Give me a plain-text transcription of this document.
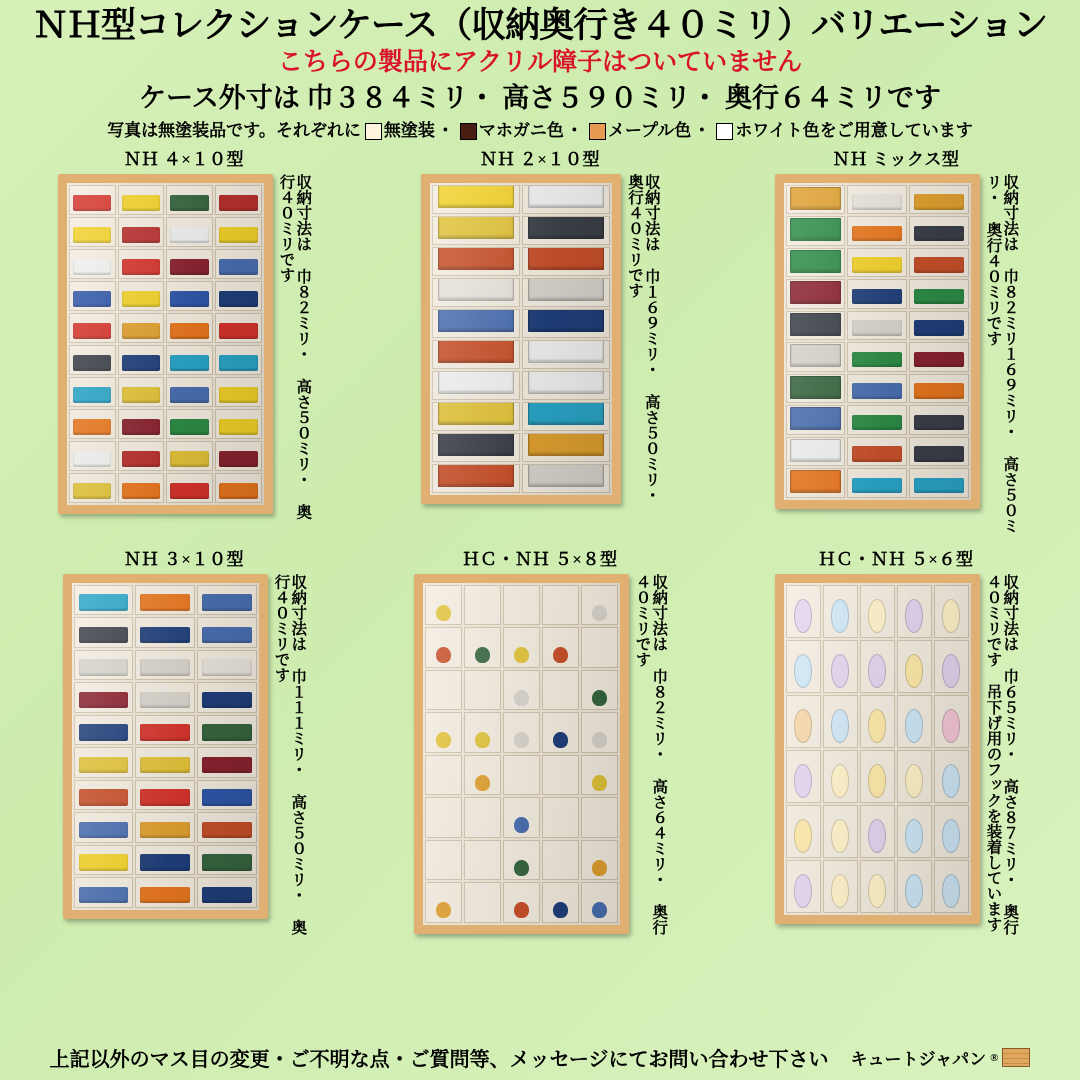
ＮＨ型コレクションケース（収納奥行き４０ミリ）バリエーション
こちらの製品にアクリル障子はついていません
ケース外寸は 巾３８４ミリ・ 高さ５９０ミリ・ 奥行６４ミリです
写真は無塗装品です。それぞれに 無塗装 ・ マホガニ色 ・ メープル色 ・ ホワイト色をご用意しています
ＮＨ ４×１０型
収納寸法は 巾８２ミリ・ 高さ５０ミリ・ 奥行４０ミリです
ＮＨ ２×１０型
収納寸法は 巾１６９ミリ・ 高さ５０ミリ・ 奥行４０ミリです
ＮＨ ミックス型
収納寸法は 巾８２ミリ１６９ミリ・ 高さ５０ミリ・ 奥行４０ミリです
ＮＨ ３×１０型
収納寸法は 巾１１１ミリ・ 高さ５０ミリ・ 奥行４０ミリです
ＨＣ・ＮＨ ５×８型
収納寸法は 巾８２ミリ・ 高さ６４ミリ・ 奥行４０ミリです
ＨＣ・ＮＨ ５×６型
収納寸法は 巾６５ミリ・ 高さ８７ミリ・ 奥行４０ミリです 吊下げ用のフックを装着しています
上記以外のマス目の変更・ご不明な点・ご質問等、メッセージにてお問い合わせ下さい キュートジャパン ®
